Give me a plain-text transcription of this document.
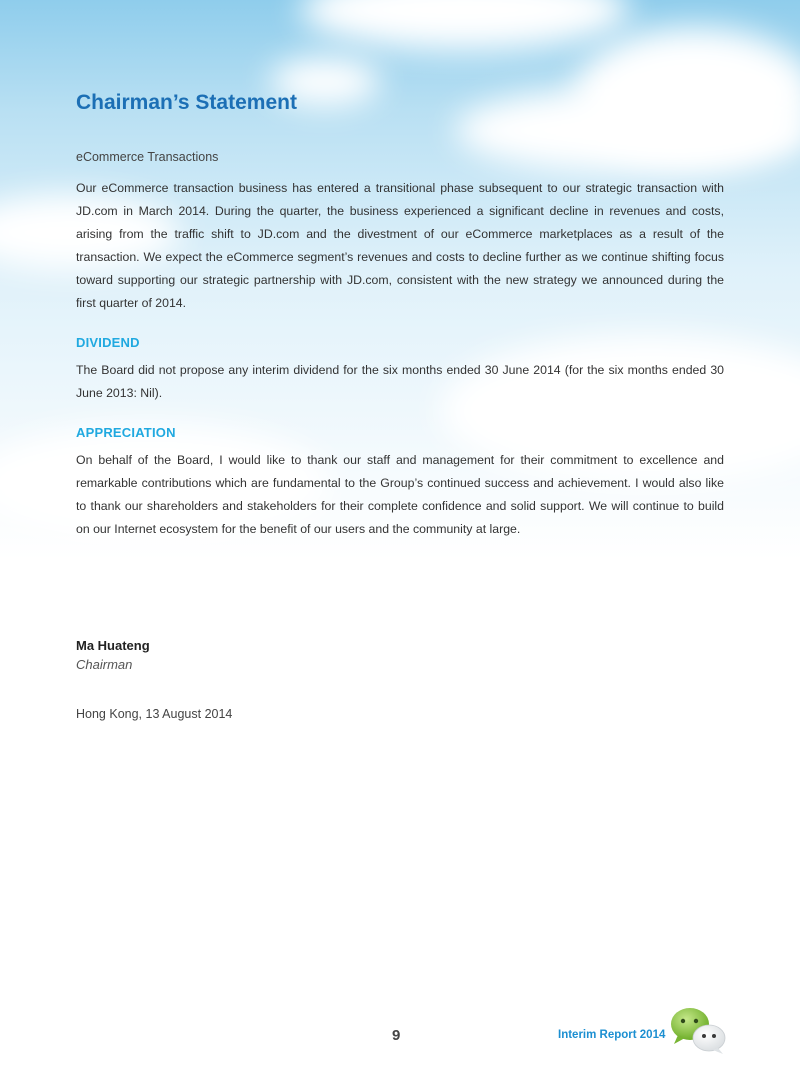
Chairman’s Statement

eCommerce Transactions

Our eCommerce transaction business has entered a transitional phase subsequent to our strategic transaction with JD.com in March 2014. During the quarter, the business experienced a significant decline in revenues and costs, arising from the traffic shift to JD.com and the divestment of our eCommerce marketplaces as a result of the transaction. We expect the eCommerce segment’s revenues and costs to decline further as we continue shifting focus toward supporting our strategic partnership with JD.com, consistent with the new strategy we announced during the first quarter of 2014.

DIVIDEND

The Board did not propose any interim dividend for the six months ended 30 June 2014 (for the six months ended 30 June 2013: Nil).

APPRECIATION

On behalf of the Board, I would like to thank our staff and management for their commitment to excellence and remarkable contributions which are fundamental to the Group’s continued success and achievement. I would also like to thank our shareholders and stakeholders for their complete confidence and solid support. We will continue to build on our Internet ecosystem for the benefit of our users and the community at large.

Ma Huateng

Chairman

Hong Kong, 13 August 2014

9	Interim Report 2014
